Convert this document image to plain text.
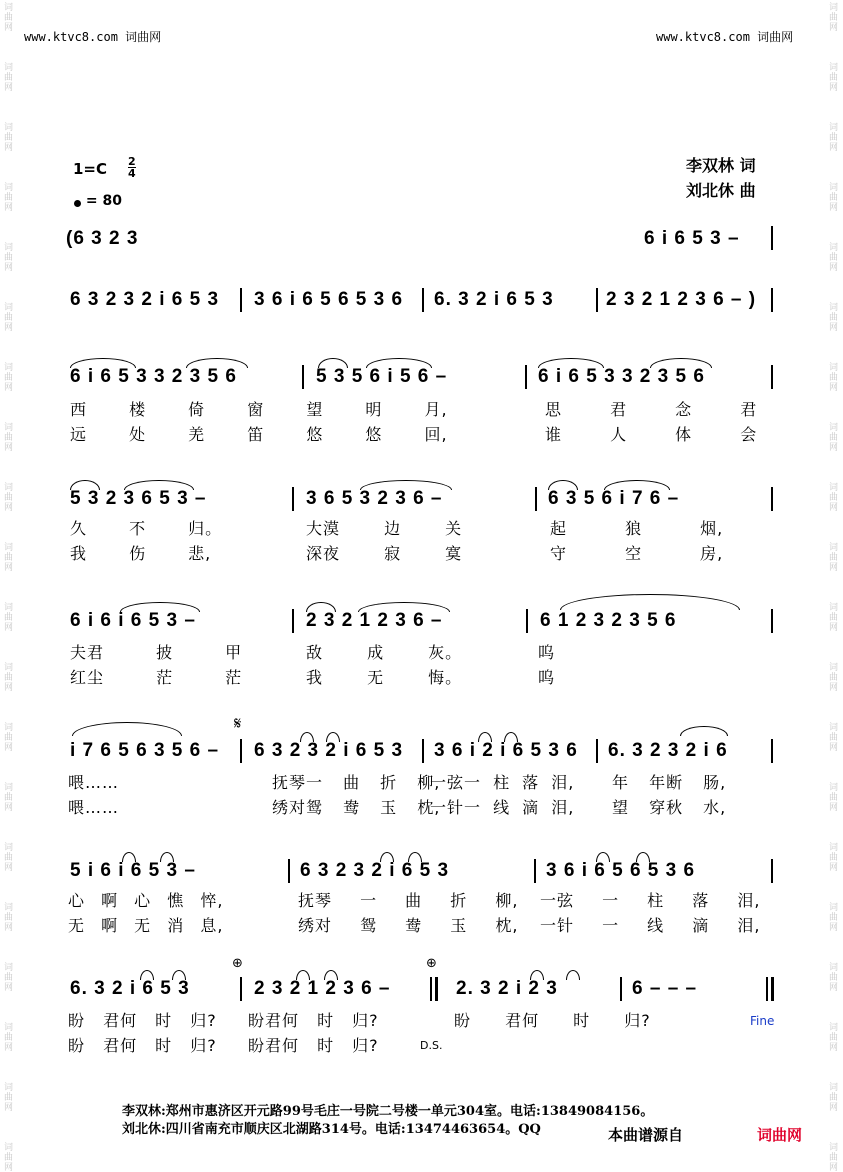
www.ktvc8.com 词曲网	www.ktvc8.com 词曲网
词
曲
网
词
曲
网
词
曲
网
词
曲
网
词
曲
网
词
曲
网
词
曲
网
词
曲
网
词
曲
网
词
曲
网
词
曲
网
词
曲
网
词
曲
网
词
曲
网
词
曲
网
词
曲
网
词
曲
网
词
曲
网
词
曲
网
词
曲
网
词
曲
网
词
曲
网
词
曲
网
词
曲
网
词
曲
网
词
曲
网
词
曲
网
词
曲
网
词
曲
网
词
曲
网
词
曲
网
词
曲
网
词
曲
网
词
曲
网
词
曲
网
词
曲
网
词
曲
网
词
曲
网
词
曲
网
词
曲
网
1=C 2
4
= 80
李双林 词
刘北休 曲
(6 3 2 3	6 i 6 5 3 –
6 3 2 3 2 i 6 5 3 3 6 i 6 5 6 5 3 6 6. 3 2 i 6 5 3	2 3 2 1 2 3 6 – )
6 i 6 5 3 3 2 3 5 6	5 3 5 6 i 5 6 –	6 i 6 5 3 3 2 3 5 6
西 楼 倚 窗 望 明 月,	思 君 念 君
远 处 羌 笛 悠 悠 回,	谁 人 体 会
5 3 2 3 6 5 3 –	3 6 5 3 2 3 6 –	6 3 5 6 i 7 6 –
久 不 归。	大漠 边 关	起 狼 烟,
我 伤 悲,	深夜 寂 寞	守 空 房,
6 i 6 i 6 5 3 –	2 3 2 1 2 3 6 –	6 1 2 3 2 3 5 6
夫君 披 甲	敌 成 灰。	呜
红尘 茫 茫	我 无 悔。	呜
i 7 6 5 6 3 5 6 –
𝄋
6 3 2 3 2 i 6 5 3 3 6 i 2 i 6 5 3 6 6. 3 2 3 2 i 6
喂……	抚琴一 曲 折 柳,
一弦一 柱 落 泪, 年 年断 肠,
喂……	绣对鸳 鸯 玉 枕,
一针一 线 滴 泪, 望 穿秋 水,
5 i 6 i 6 5 3 –	6 3 2 3 2 i 6 5 3	3 6 i 6 5 6 5 3 6
心 啊 心 憔 悴,	抚琴 一 曲 折 柳, 一弦 一 柱 落 泪,
无 啊 无 消 息,	绣对 鸳 鸯 玉 枕, 一针 一 线 滴 泪,
6. 3 2 i 6 5 3
⊕
2 3 2 1 2 3 6 –
⊕
2. 3 2 i 2 3	6 – – –
Fine
D.S.
盼 君何 时 归? 盼君何 时 归?	盼 君何 时 归?
盼 君何 时 归? 盼君何 时 归?
李双林:郑州市惠济区开元路99号毛庄一号院二号楼一单元304室。电话:13849084156。
刘北休:四川省南充市顺庆区北湖路314号。电话:13474463654。QQ	本曲谱源自	词曲网
